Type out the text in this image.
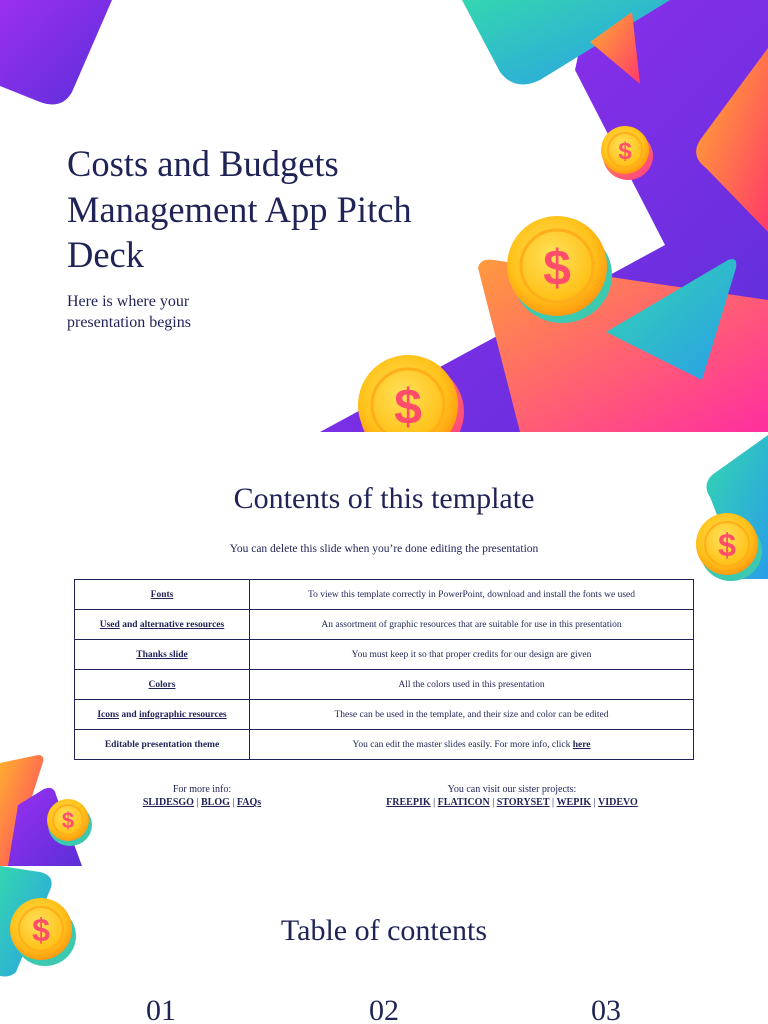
$
$
$
Costs and Budgets Management App Pitch Deck
Here is where your presentation begins
$
$
Contents of this template
You can delete this slide when you’re done editing the presentation
Fonts	To view this template correctly in PowerPoint, download and install the fonts we used
Used and alternative resources	An assortment of graphic resources that are suitable for use in this presentation
Thanks slide	You must keep it so that proper credits for our design are given
Colors	All the colors used in this presentation
Icons and infographic resources	These can be used in the template, and their size and color can be edited
Editable presentation theme	You can edit the master slides easily. For more info, click here
For more info:
SLIDESGO | BLOG | FAQs
You can visit our sister projects:
FREEPIK | FLATICON | STORYSET | WEPIK | VIDEVO
$	Table of contents
01	02	03
